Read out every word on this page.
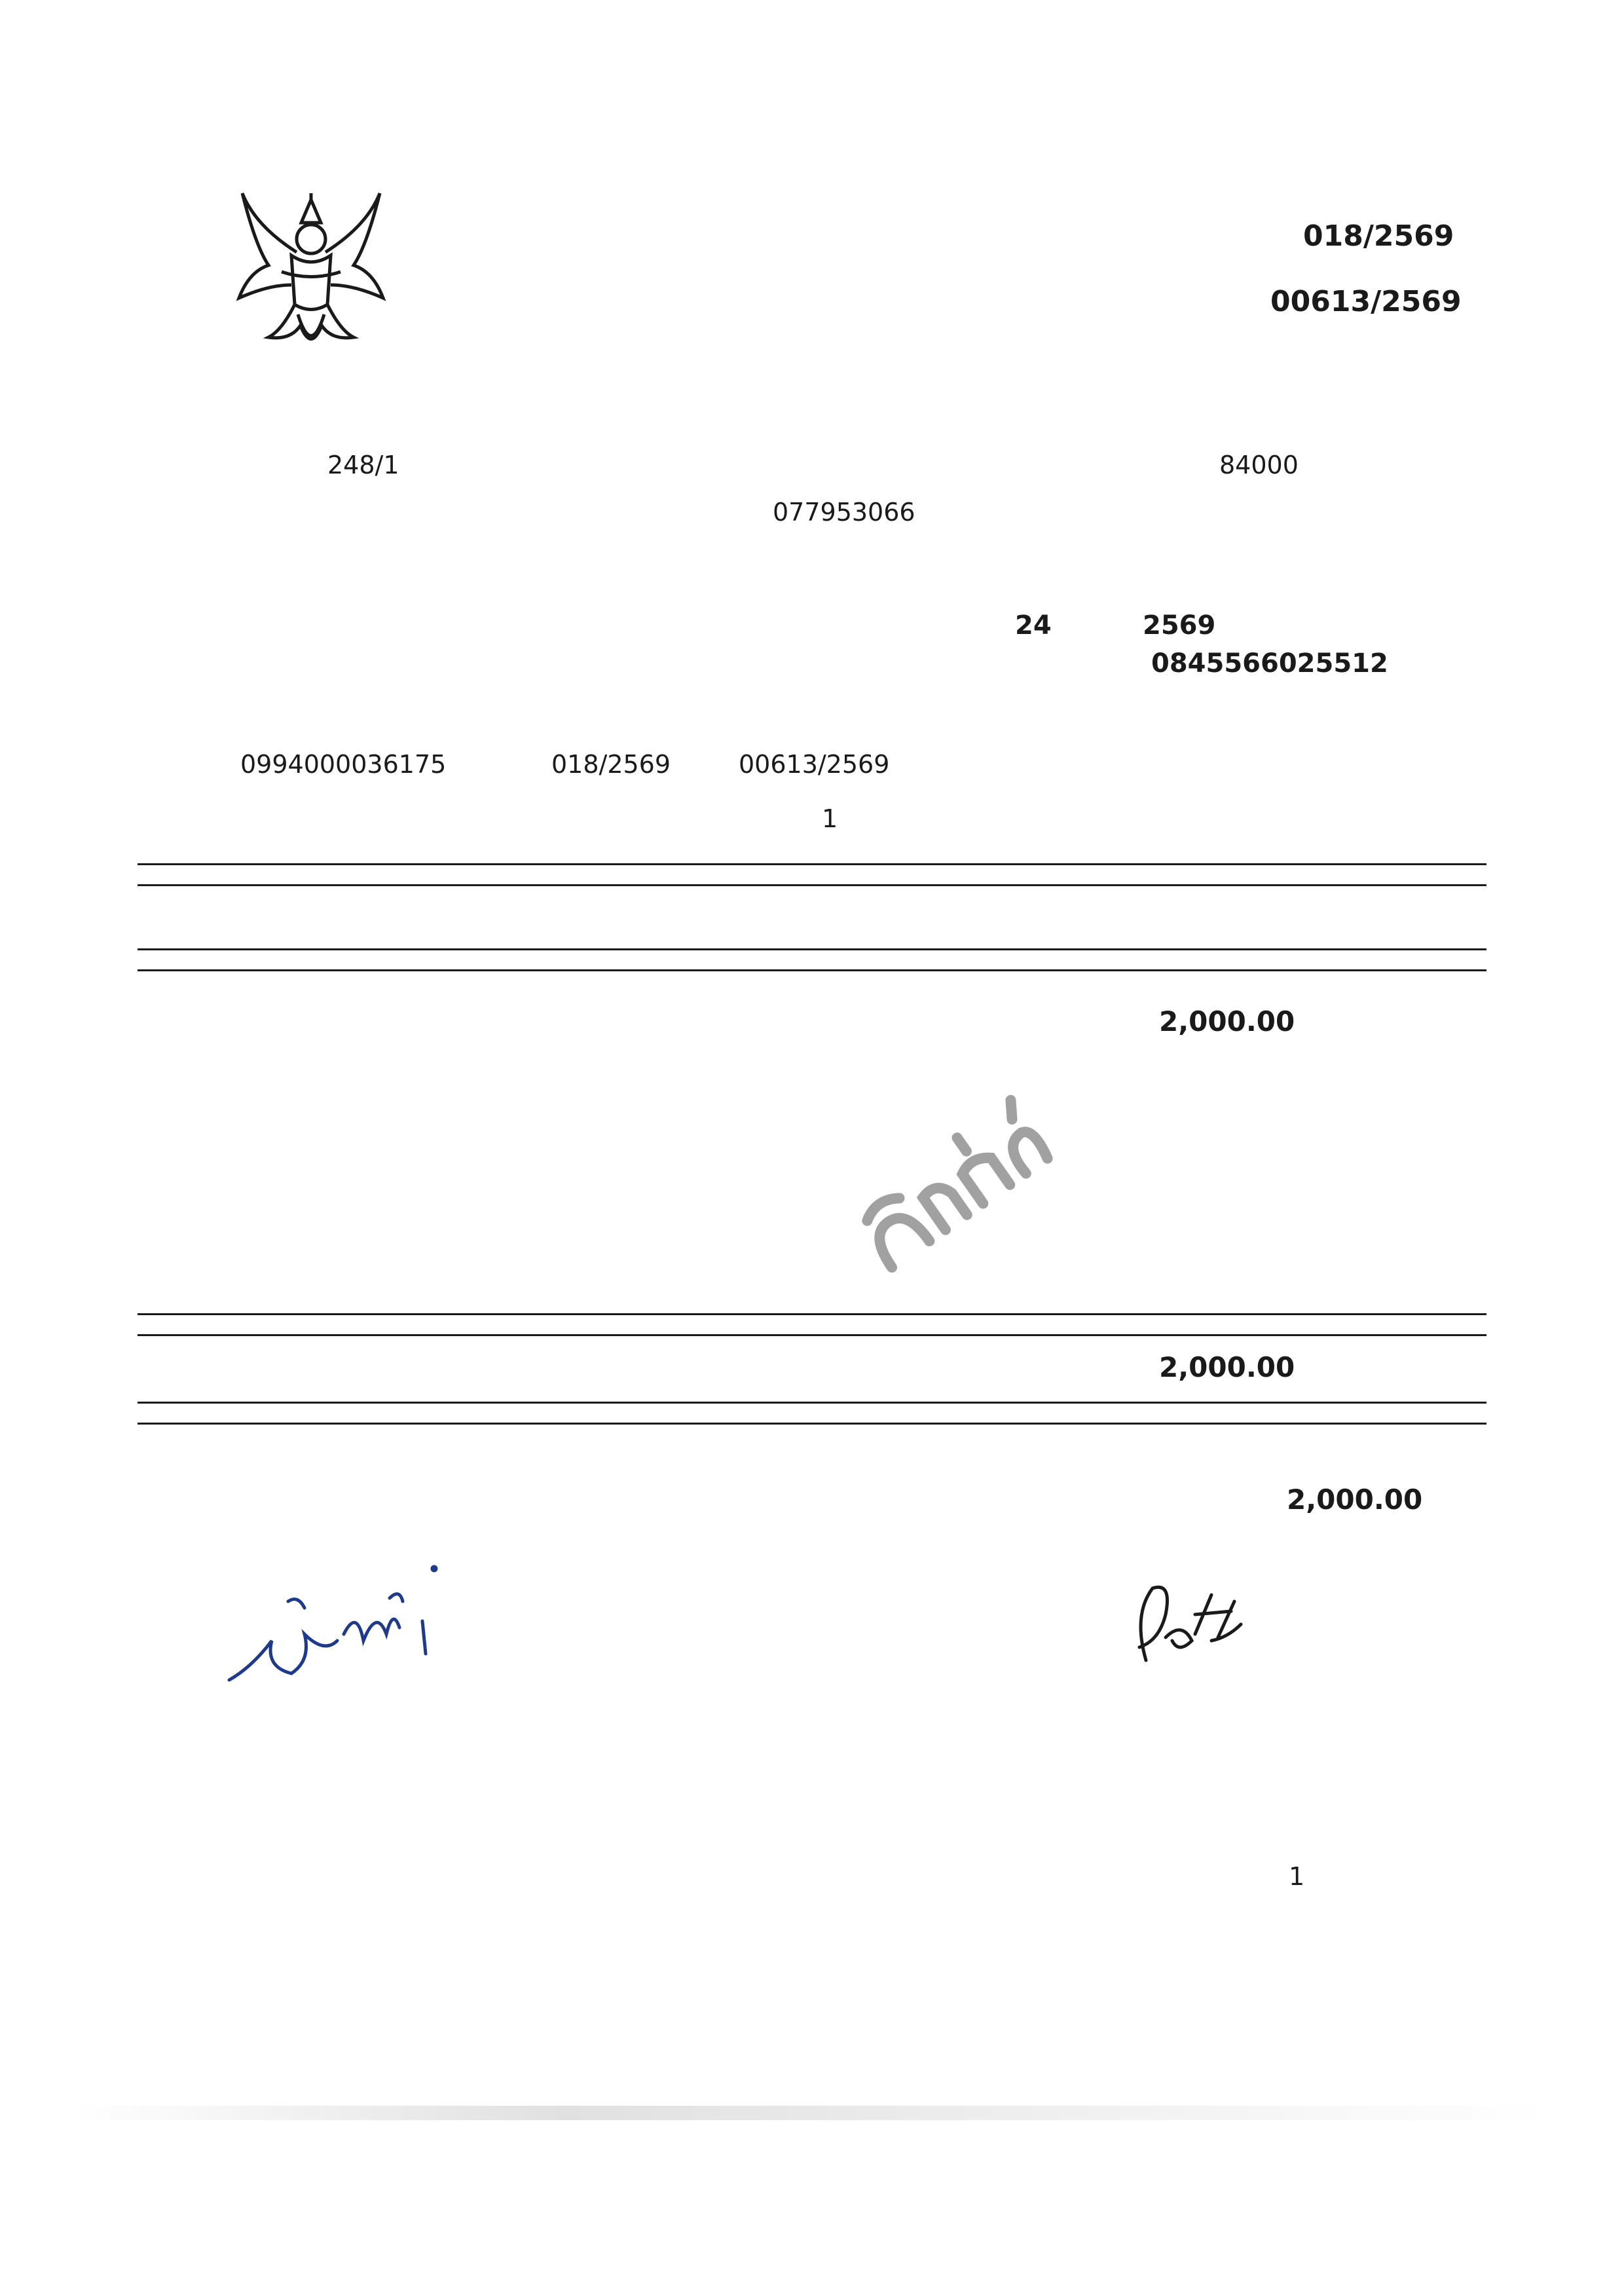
018/2569
00613/2569
248/1	84000
077953066
24	2569
0845566025512
0994000036175	018/2569	00613/2569
1
2,000.00
2,000.00
2,000.00
1
